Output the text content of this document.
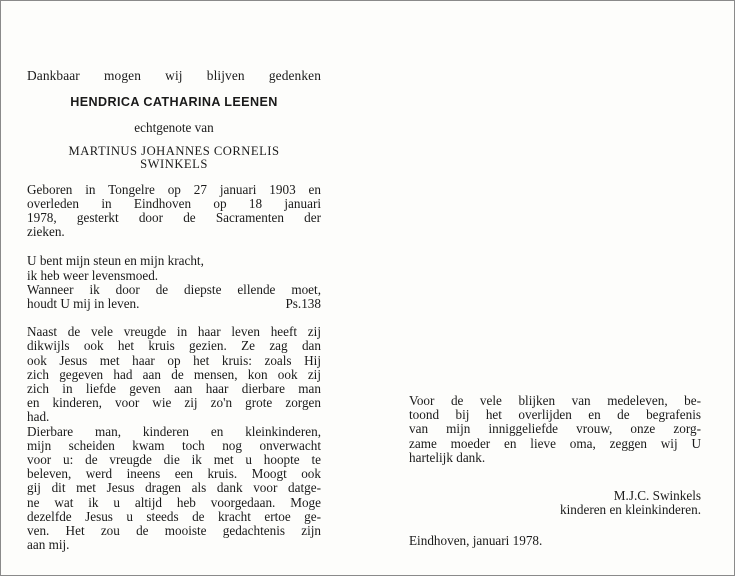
Dankbaar mogen wij blijven gedenken
HENDRICA CATHARINA LEENEN
echtgenote van
MARTINUS JOHANNES CORNELIS
SWINKELS
Geboren in Tongelre op 27 januari 1903 en
overleden in Eindhoven op 18 januari
1978, gesterkt door de Sacramenten der
zieken.
U bent mijn steun en mijn kracht,
ik heb weer levensmoed.
Wanneer ik door de diepste ellende moet,
houdt U mij in leven.	Ps.138
Naast de vele vreugde in haar leven heeft zij
dikwijls ook het kruis gezien. Ze zag dan
ook Jesus met haar op het kruis: zoals Hij
zich gegeven had aan de mensen, kon ook zij
zich in liefde geven aan haar dierbare man
en kinderen, voor wie zij zo'n grote zorgen
had.
Dierbare man, kinderen en kleinkinderen,
mijn scheiden kwam toch nog onverwacht
voor u: de vreugde die ik met u hoopte te
beleven, werd ineens een kruis. Moogt ook
gij dit met Jesus dragen als dank voor datge-
ne wat ik u altijd heb voorgedaan. Moge
dezelfde Jesus u steeds de kracht ertoe ge-
ven. Het zou de mooiste gedachtenis zijn
aan mij.
Voor de vele blijken van medeleven, be-
toond bij het overlijden en de begrafenis
van mijn inniggeliefde vrouw, onze zorg-
zame moeder en lieve oma, zeggen wij U
hartelijk dank.
M.J.C. Swinkels
kinderen en kleinkinderen.
Eindhoven, januari 1978.
